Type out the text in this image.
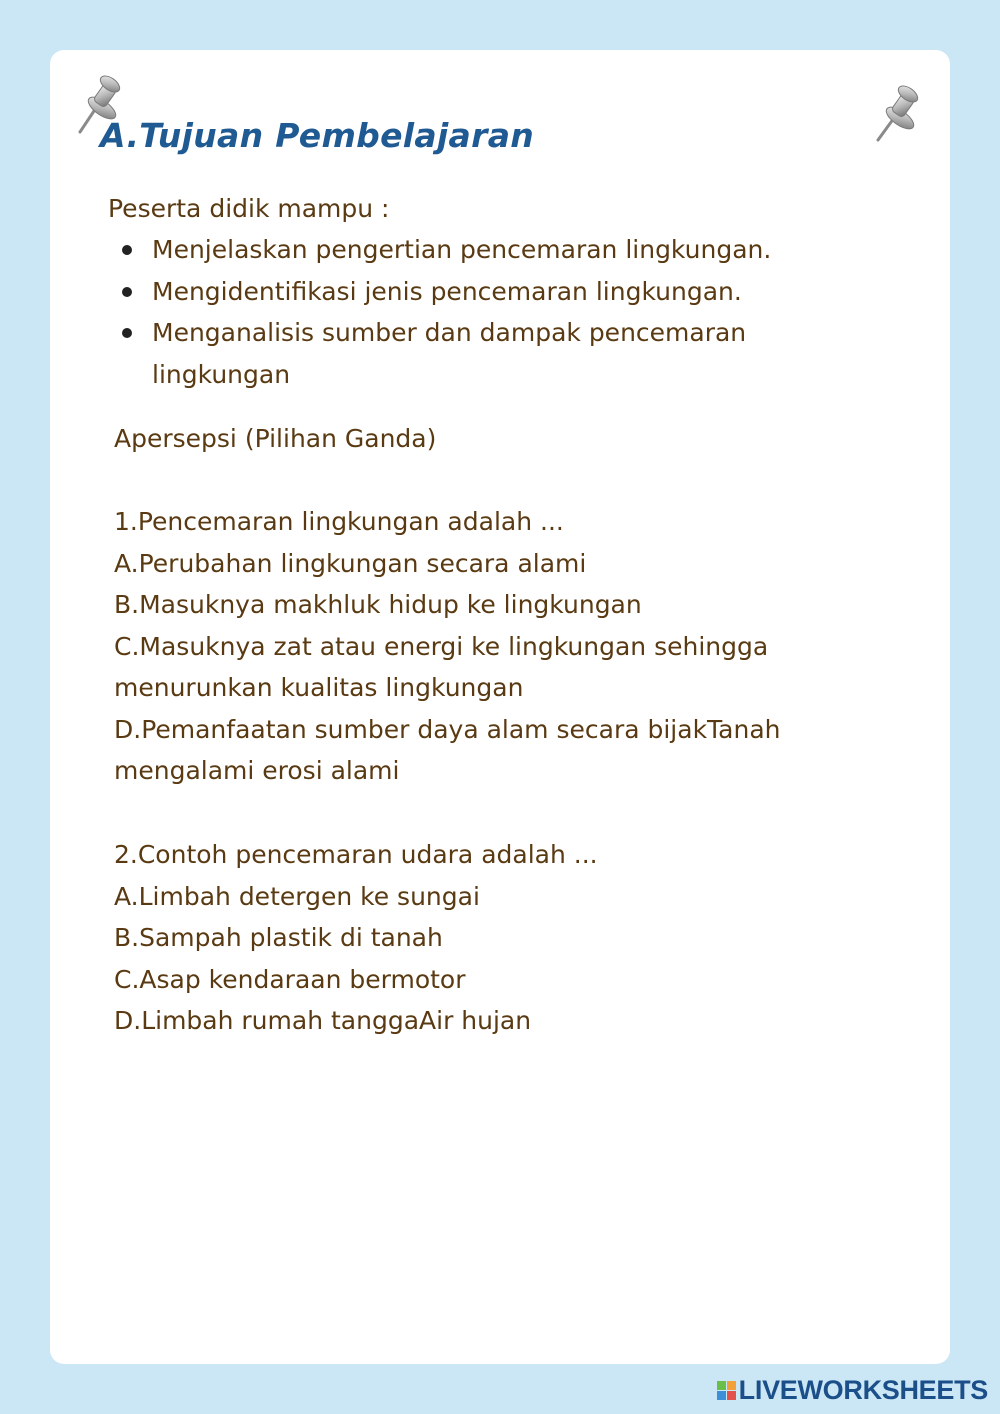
A.Tujuan Pembelajaran

Peserta didik mampu :

Menjelaskan pengertian pencemaran lingkungan.
Mengidentifikasi jenis pencemaran lingkungan.
Menganalisis sumber dan dampak pencemaran lingkungan

Apersepsi (Pilihan Ganda)

1.Pencemaran lingkungan adalah ...
A.Perubahan lingkungan secara alami
B.Masuknya makhluk hidup ke lingkungan
C.Masuknya zat atau energi ke lingkungan sehingga menurunkan kualitas lingkungan
D.Pemanfaatan sumber daya alam secara bijakTanah mengalami erosi alami
2.Contoh pencemaran udara adalah ...
A.Limbah detergen ke sungai
B.Sampah plastik di tanah
C.Asap kendaraan bermotor
D.Limbah rumah tanggaAir hujan
LIVEWORKSHEETS
